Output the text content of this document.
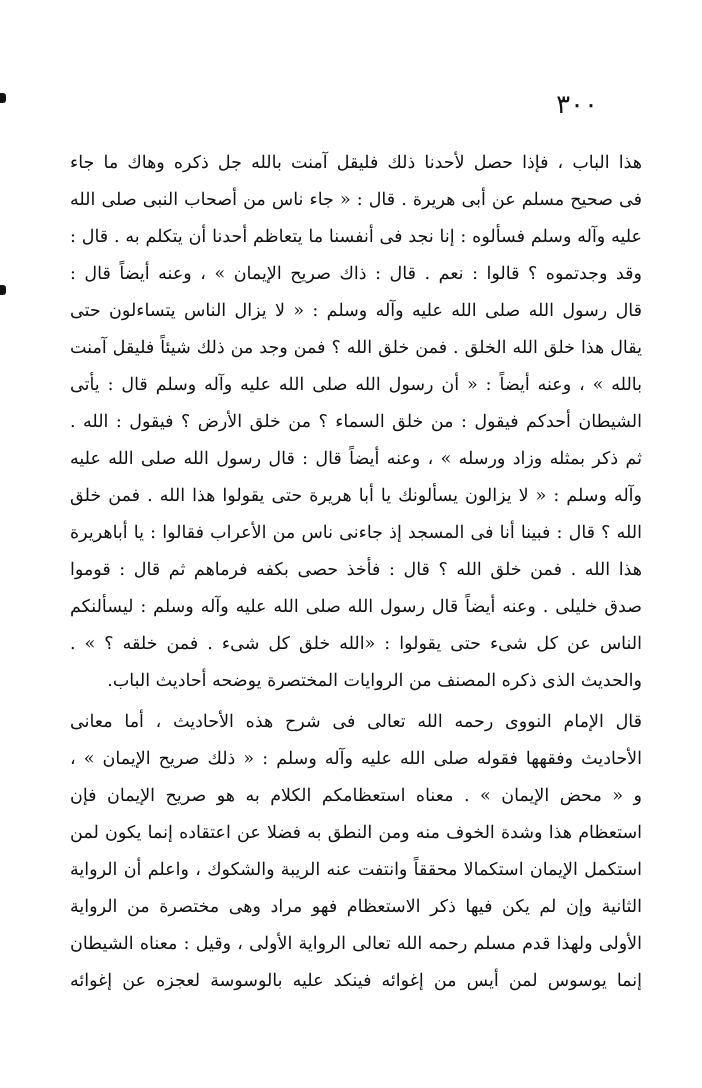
٣٠٠

هذا الباب ، فإذا حصل لأحدنا ذلك فليقل آمنت بالله جل ذكره وهاك ما جاء
فى صحيح مسلم عن أبى هريرة . قال : « جاء ناس من أصحاب النبى صلى الله
عليه وآله وسلم فسألوه : إنا نجد فى أنفسنا ما يتعاظم أحدنا أن يتكلم به . قال :
وقد وجدتموه ؟ قالوا : نعم . قال : ذاك صريح الإيمان » ، وعنه أيضاً قال :
قال رسول الله صلى الله عليه وآله وسلم : « لا يزال الناس يتساءلون حتى
يقال هذا خلق الله الخلق . فمن خلق الله ؟ فمن وجد من ذلك شيئاً فليقل آمنت
بالله » ، وعنه أيضاً : « أن رسول الله صلى الله عليه وآله وسلم قال : يأتى
الشيطان أحدكم فيقول : من خلق السماء ؟ من خلق الأرض ؟ فيقول : الله .
ثم ذكر بمثله وزاد ورسله » ، وعنه أيضاً قال : قال رسول الله صلى الله عليه
وآله وسلم : « لا يزالون يسألونك يا أبا هريرة حتى يقولوا هذا الله . فمن خلق
الله ؟ قال : فبينا أنا فى المسجد إذ جاءنى ناس من الأعراب فقالوا : يا أباهريرة
هذا الله . فمن خلق الله ؟ قال : فأخذ حصى بكفه فرماهم ثم قال : قوموا
صدق خليلى . وعنه أيضاً قال رسول الله صلى الله عليه وآله وسلم : ليسألنكم
الناس عن كل شىء حتى يقولوا : «الله خلق كل شىء . فمن خلقه ؟ » .
والحديث الذى ذكره المصنف من الروايات المختصرة يوضحه أحاديث الباب.

قال الإمام النووى رحمه الله تعالى فى شرح هذه الأحاديث ، أما معانى
الأحاديث وفقهها فقوله صلى الله عليه وآله وسلم : « ذلك صريح الإيمان » ،
و « محض الإيمان » . معناه استعظامكم الكلام به هو صريح الإيمان فإن
استعظام هذا وشدة الخوف منه ومن النطق به فضلا عن اعتقاده إنما يكون لمن
استكمل الإيمان استكمالا محققاً وانتفت عنه الريبة والشكوك ، واعلم أن الرواية
الثانية وإن لم يكن فيها ذكر الاستعظام فهو مراد وهى مختصرة من الرواية
الأولى ولهذا قدم مسلم رحمه الله تعالى الرواية الأولى ، وقيل : معناه الشيطان
إنما يوسوس لمن أيس من إغوائه فينكد عليه بالوسوسة لعجزه عن إغوائه
